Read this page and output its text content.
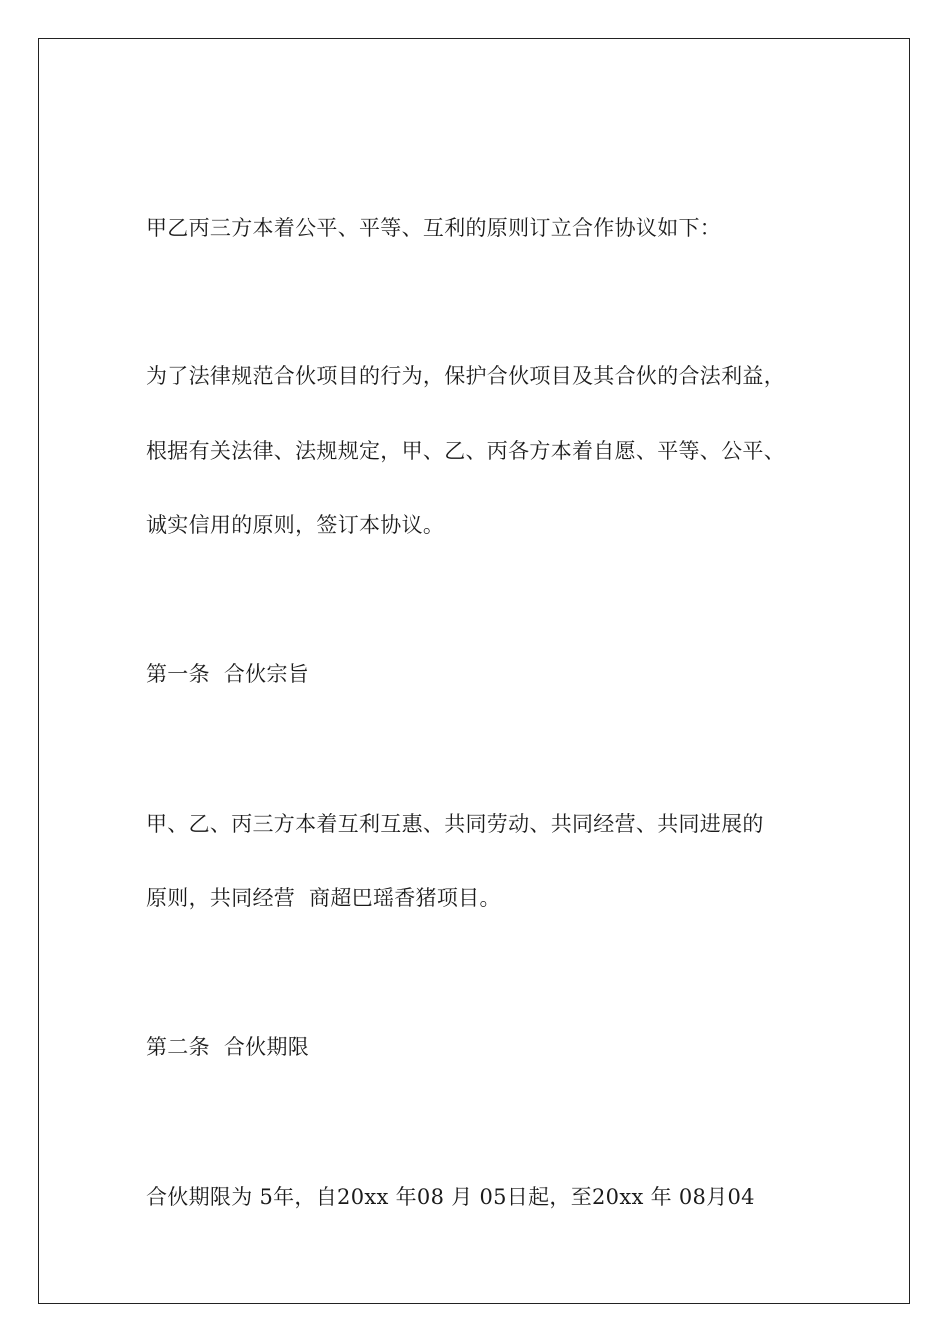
甲乙丙三方本着公平、平等、互利的原则订立合作协议如下：
为了法律规范合伙项目的行为，保护合伙项目及其合伙的合法利益，
根据有关法律、法规规定，甲、乙、丙各方本着自愿、平等、公平、
诚实信用的原则，签订本协议。
第一条  合伙宗旨
甲、乙、丙三方本着互利互惠、共同劳动、共同经营、共同进展的
原则，共同经营  商超巴瑶香猪项目。
第二条  合伙期限
合伙期限为 5年，自20xx 年08 月 05日起，至20xx 年 08月04
